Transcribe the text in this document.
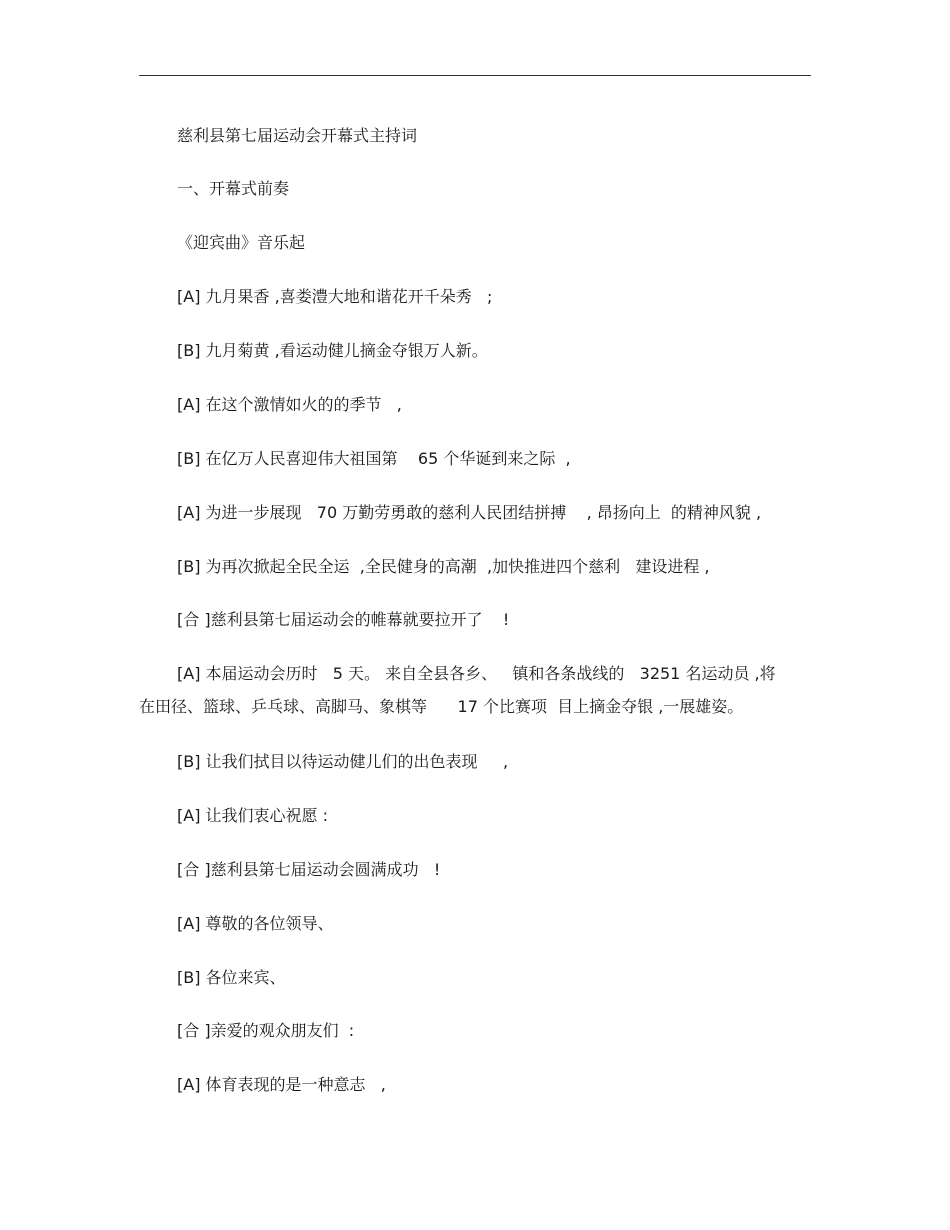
慈利县第七届运动会开幕式主持词
一、开幕式前奏
《迎宾曲》音乐起
[A] 九月果香 ,喜娄澧大地和谐花开千朵秀   ;
[B] 九月菊黄 ,看运动健儿摘金夺银万人新。
[A] 在这个激情如火的的季节   ,
[B] 在亿万人民喜迎伟大祖国第    65 个华诞到来之际  ,
[A] 为进一步展现   70 万勤劳勇敢的慈利人民团结拼搏    , 昂扬向上  的精神风貌 ,
[B] 为再次掀起全民全运  ,全民健身的高潮  ,加快推进四个慈利   建设进程 ,
[合 ]慈利县第七届运动会的帷幕就要拉开了    !
[A] 本届运动会历时   5 天。 来自全县各乡、   镇和各条战线的   3251 名运动员 ,将
在田径、篮球、乒乓球、高脚马、象棋等      17 个比赛项  目上摘金夺银 ,一展雄姿。
[B] 让我们拭目以待运动健儿们的出色表现     ,
[A] 让我们衷心祝愿 :
[合 ]慈利县第七届运动会圆满成功   !
[A] 尊敬的各位领导、
[B] 各位来宾、
[合 ]亲爱的观众朋友们  :
[A] 体育表现的是一种意志   ,
